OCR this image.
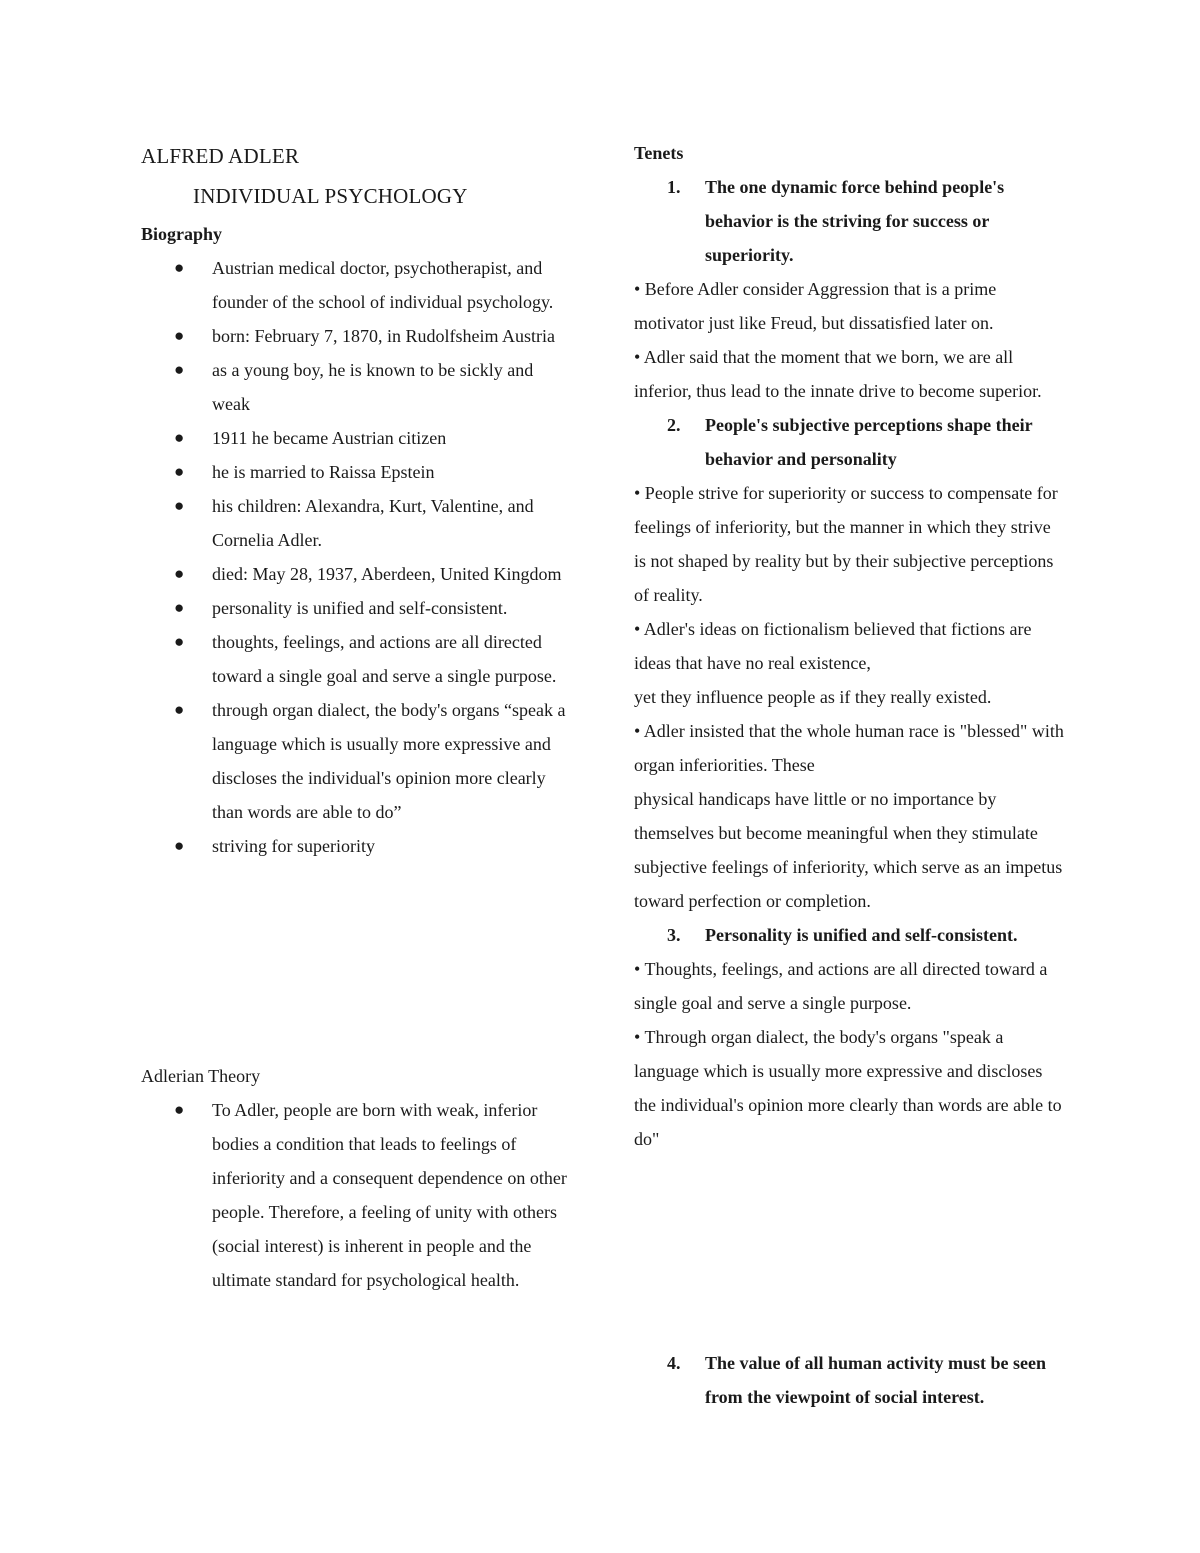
ALFRED ADLER
INDIVIDUAL PSYCHOLOGY
Biography
● Austrian medical doctor, psychotherapist, and founder of the school of individual psychology.
● born: February 7, 1870, in Rudolfsheim Austria
● as a young boy, he is known to be sickly and weak
● 1911 he became Austrian citizen
● he is married to Raissa Epstein
● his children: Alexandra, Kurt, Valentine, and Cornelia Adler.
● died: May 28, 1937, Aberdeen, United Kingdom
● personality is unified and self-consistent.
● thoughts, feelings, and actions are all directed toward a single goal and serve a single purpose.
● through organ dialect, the body's organs “speak a language which is usually more expressive and discloses the individual's opinion more clearly than words are able to do”
● striving for superiority
Adlerian Theory
● To Adler, people are born with weak, inferior bodies a condition that leads to feelings of inferiority and a consequent dependence on other people. Therefore, a feeling of unity with others (social interest) is inherent in people and the ultimate standard for psychological health.
Tenets
1. The one dynamic force behind people's behavior is the striving for success or superiority.
• Before Adler consider Aggression that is a prime motivator just like Freud, but dissatisfied later on.
• Adler said that the moment that we born, we are all inferior, thus lead to the innate drive to become superior.
2. People's subjective perceptions shape their behavior and personality
• People strive for superiority or success to compensate for feelings of inferiority, but the manner in which they strive is not shaped by reality but by their subjective perceptions of reality.
• Adler's ideas on fictionalism believed that fictions are ideas that have no real existence,
yet they influence people as if they really existed.
• Adler insisted that the whole human race is "blessed" with organ inferiorities. These
physical handicaps have little or no importance by themselves but become meaningful when they stimulate subjective feelings of inferiority, which serve as an impetus toward perfection or completion.
3. Personality is unified and self-consistent.
• Thoughts, feelings, and actions are all directed toward a single goal and serve a single purpose.
• Through organ dialect, the body's organs "speak a language which is usually more expressive and discloses the individual's opinion more clearly than words are able to do"
4. The value of all human activity must be seen from the viewpoint of social interest.
